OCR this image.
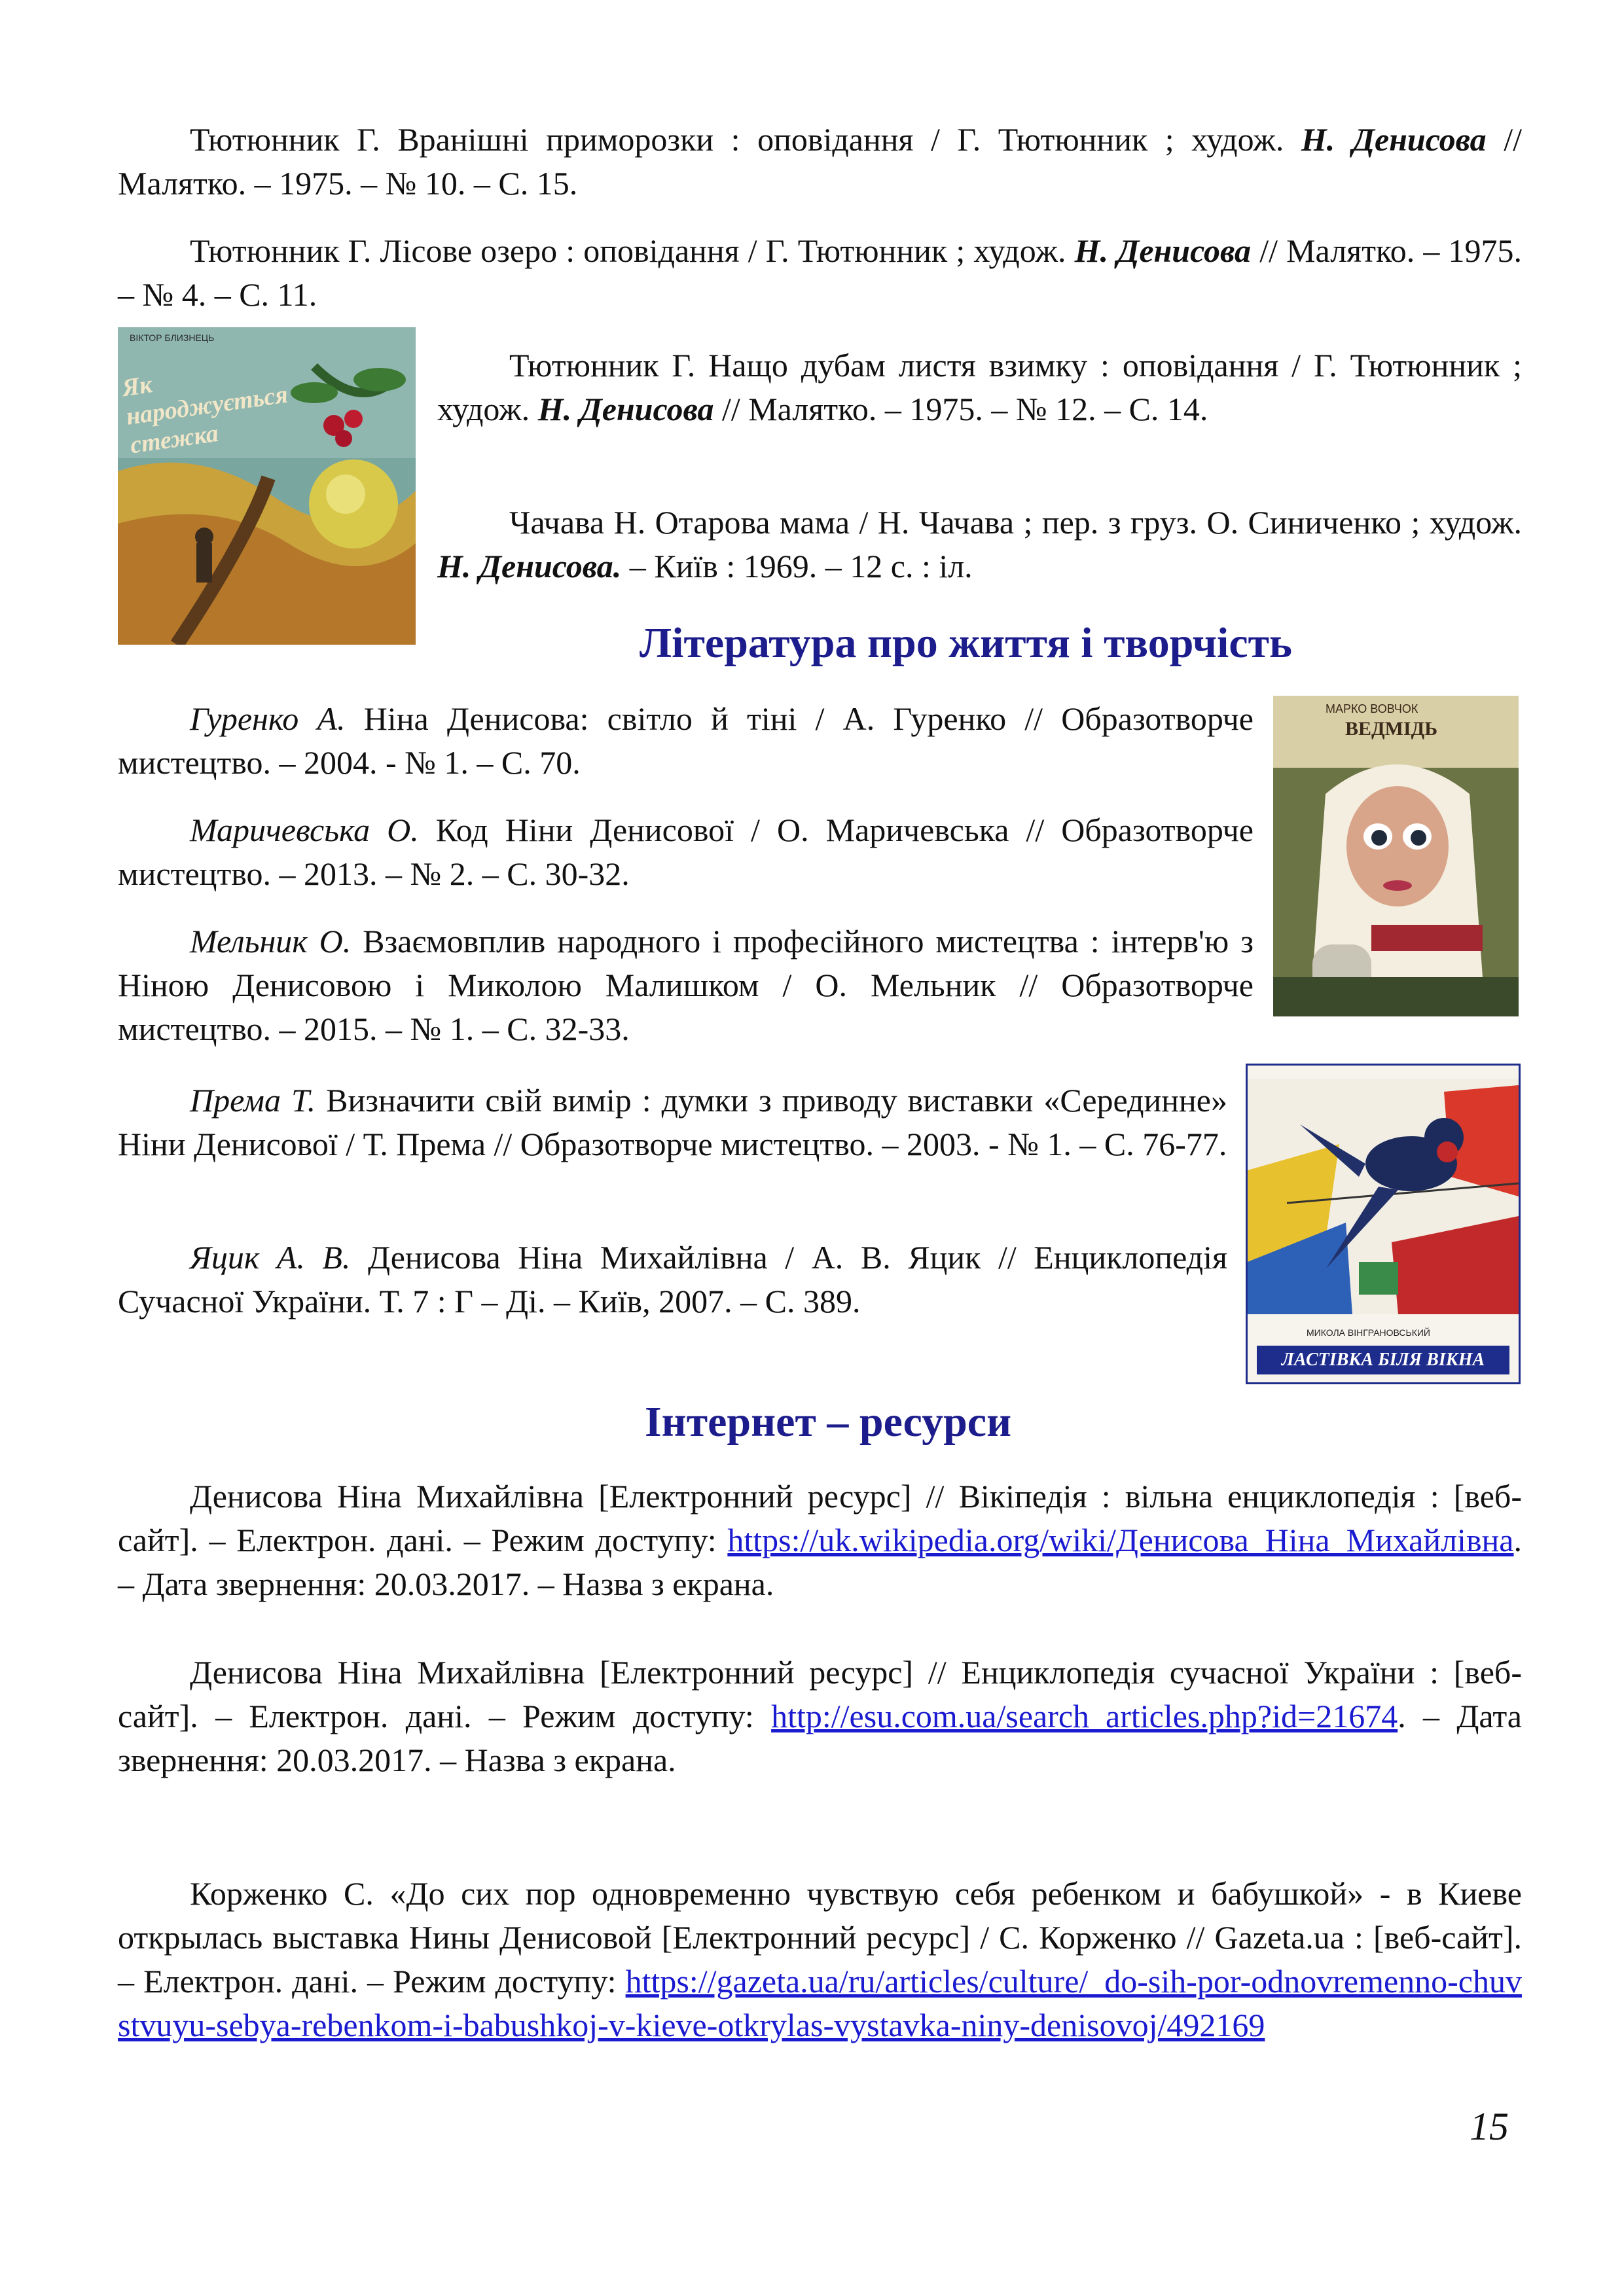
Тютюнник Г. Вранішні приморозки : оповідання / Г. Тютюнник ; худож. Н. Денисова // Малятко. – 1975. – № 10. – С. 15.

Тютюнник Г. Лісове озеро : оповідання / Г. Тютюнник ; худож. Н. Денисова // Малятко. – 1975. – № 4. – С. 11.

Тютюнник Г. Нащо дубам листя взимку : оповідання / Г. Тютюнник ; худож. Н. Денисова // Малятко. – 1975. – № 12. – С. 14.

Чачава Н. Отарова мама / Н. Чачава ; пер. з груз. О. Синиченко ; худож. Н. Денисова. – Київ : 1969. – 12 с. : іл.

ВІКТОР БЛИЗНЕЦЬ
Як народжується стежка
Література про життя і творчість
МАРКО ВОВЧОК
ВЕДМІДЬ

Гуренко А. Ніна Денисова: світло й тіні / А. Гуренко // Образотворче мистецтво. – 2004. - № 1. – С. 70.

Маричевська О. Код Ніни Денисової / О. Маричевська // Образотворче мистецтво. – 2013. – № 2. – С. 30-32.

Мельник О. Взаємовплив народного і професійного мистецтва : інтерв'ю з Ніною Денисовою і Миколою Малишком / О. Мельник // Образотворче мистецтво. – 2015. – № 1. – С. 32-33.

МИКОЛА ВІНГРАНОВСЬКИЙ
ЛАСТІВКА БІЛЯ ВІКНА

Према Т. Визначити свій вимір : думки з приводу виставки «Серединне» Ніни Денисової / Т. Према // Образотворче мистецтво. – 2003. - № 1. – С. 76-77.

Яцик А. В. Денисова Ніна Михайлівна / А. В. Яцик // Енциклопедія Сучасної України. Т. 7 : Г – Ді. – Київ, 2007. – С. 389.

Інтернет – ресурси

Денисова Ніна Михайлівна [Електронний ресурс] // Вікіпедія : вільна енциклопедія : [веб-сайт]. – Електрон. дані. – Режим доступу: https://uk.wikipedia.org/wiki/Денисова_Ніна_Михайлівна. – Дата звернення: 20.03.2017. – Назва з екрана.

Денисова Ніна Михайлівна [Електронний ресурс] // Енциклопедія сучасної України : [веб-сайт]. – Електрон. дані. – Режим доступу: http://esu.com.ua/search_articles.php?id=21674. – Дата звернення: 20.03.2017. – Назва з екрана.

Корженко С. «До сих пор одновременно чувствую себя ребенком и бабушкой» - в Киеве открылась выставка Нины Денисовой [Електронний ресурс] / С. Корженко // Gazeta.ua : [веб-сайт]. – Електрон. дані. – Режим доступу: https://gazeta.ua/ru/articles/culture/_do-sih-por-odnovremenno-chuvstvuyu-sebya-rebenkom-i-babushkoj-v-kieve-otkrylas-vystavka-niny-denisovoj/492169

15
